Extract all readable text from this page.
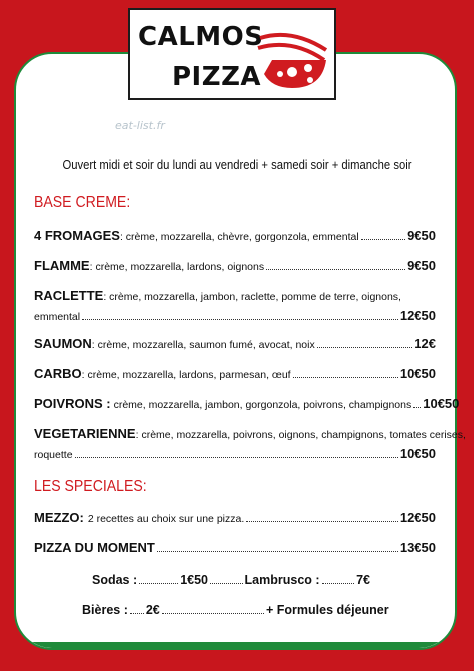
CALMOS
PIZZA
eat-list.fr
Ouvert midi et soir du lundi au vendredi + samedi soir + dimanche soir
BASE CREME:
4 FROMAGES : crème, mozzarella, chèvre, gorgonzola, emmental	9€50
FLAMME : crème, mozzarella, lardons, oignons	9€50
RACLETTE : crème, mozzarella, jambon, raclette, pomme de terre, oignons,
emmental	12€50
SAUMON : crème, mozzarella, saumon fumé, avocat, noix	12€
CARBO : crème, mozzarella, lardons, parmesan, œuf	10€50
POIVRONS : crème, mozzarella, jambon, gorgonzola, poivrons, champignons 10€50
VEGETARIENNE : crème, mozzarella, poivrons, oignons, champignons, tomates cerises,
roquette	10€50
LES SPECIALES:
MEZZO: 2 recettes au choix sur une pizza.	12€50
PIZZA DU MOMENT	13€50
Sodas :	1€50	Lambrusco :	7€
Bières : 2€	+ Formules déjeuner
